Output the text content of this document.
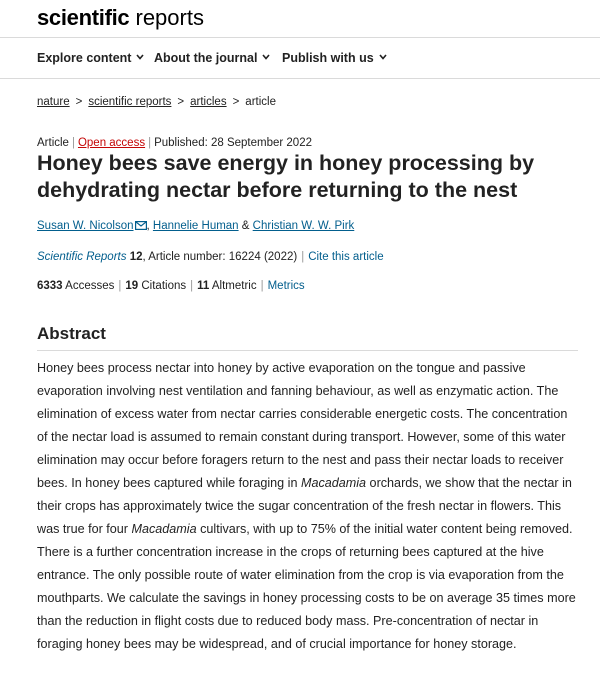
scientific reports
Explore content	About the journal	Publish with us
nature > scientific reports > articles > article
Article | Open access | Published: 28 September 2022
Honey bees save energy in honey processing by dehydrating nectar before returning to the nest
Susan W. Nicolson , Hannelie Human & Christian W. W. Pirk
Scientific Reports 12, Article number: 16224 (2022) | Cite this article
6333 Accesses | 19 Citations | 11 Altmetric | Metrics
Abstract

Honey bees process nectar into honey by active evaporation on the tongue and passive evaporation involving nest ventilation and fanning behaviour, as well as enzymatic action. The elimination of excess water from nectar carries considerable energetic costs. The concentration of the nectar load is assumed to remain constant during transport. However, some of this water elimination may occur before foragers return to the nest and pass their nectar loads to receiver bees. In honey bees captured while foraging in Macadamia orchards, we show that the nectar in their crops has approximately twice the sugar concentration of the fresh nectar in flowers. This was true for four Macadamia cultivars, with up to 75% of the initial water content being removed. There is a further concentration increase in the crops of returning bees captured at the hive entrance. The only possible route of water elimination from the crop is via evaporation from the mouthparts. We calculate the savings in honey processing costs to be on average 35 times more than the reduction in flight costs due to reduced body mass. Pre-concentration of nectar in foraging honey bees may be widespread, and of crucial importance for honey storage.
